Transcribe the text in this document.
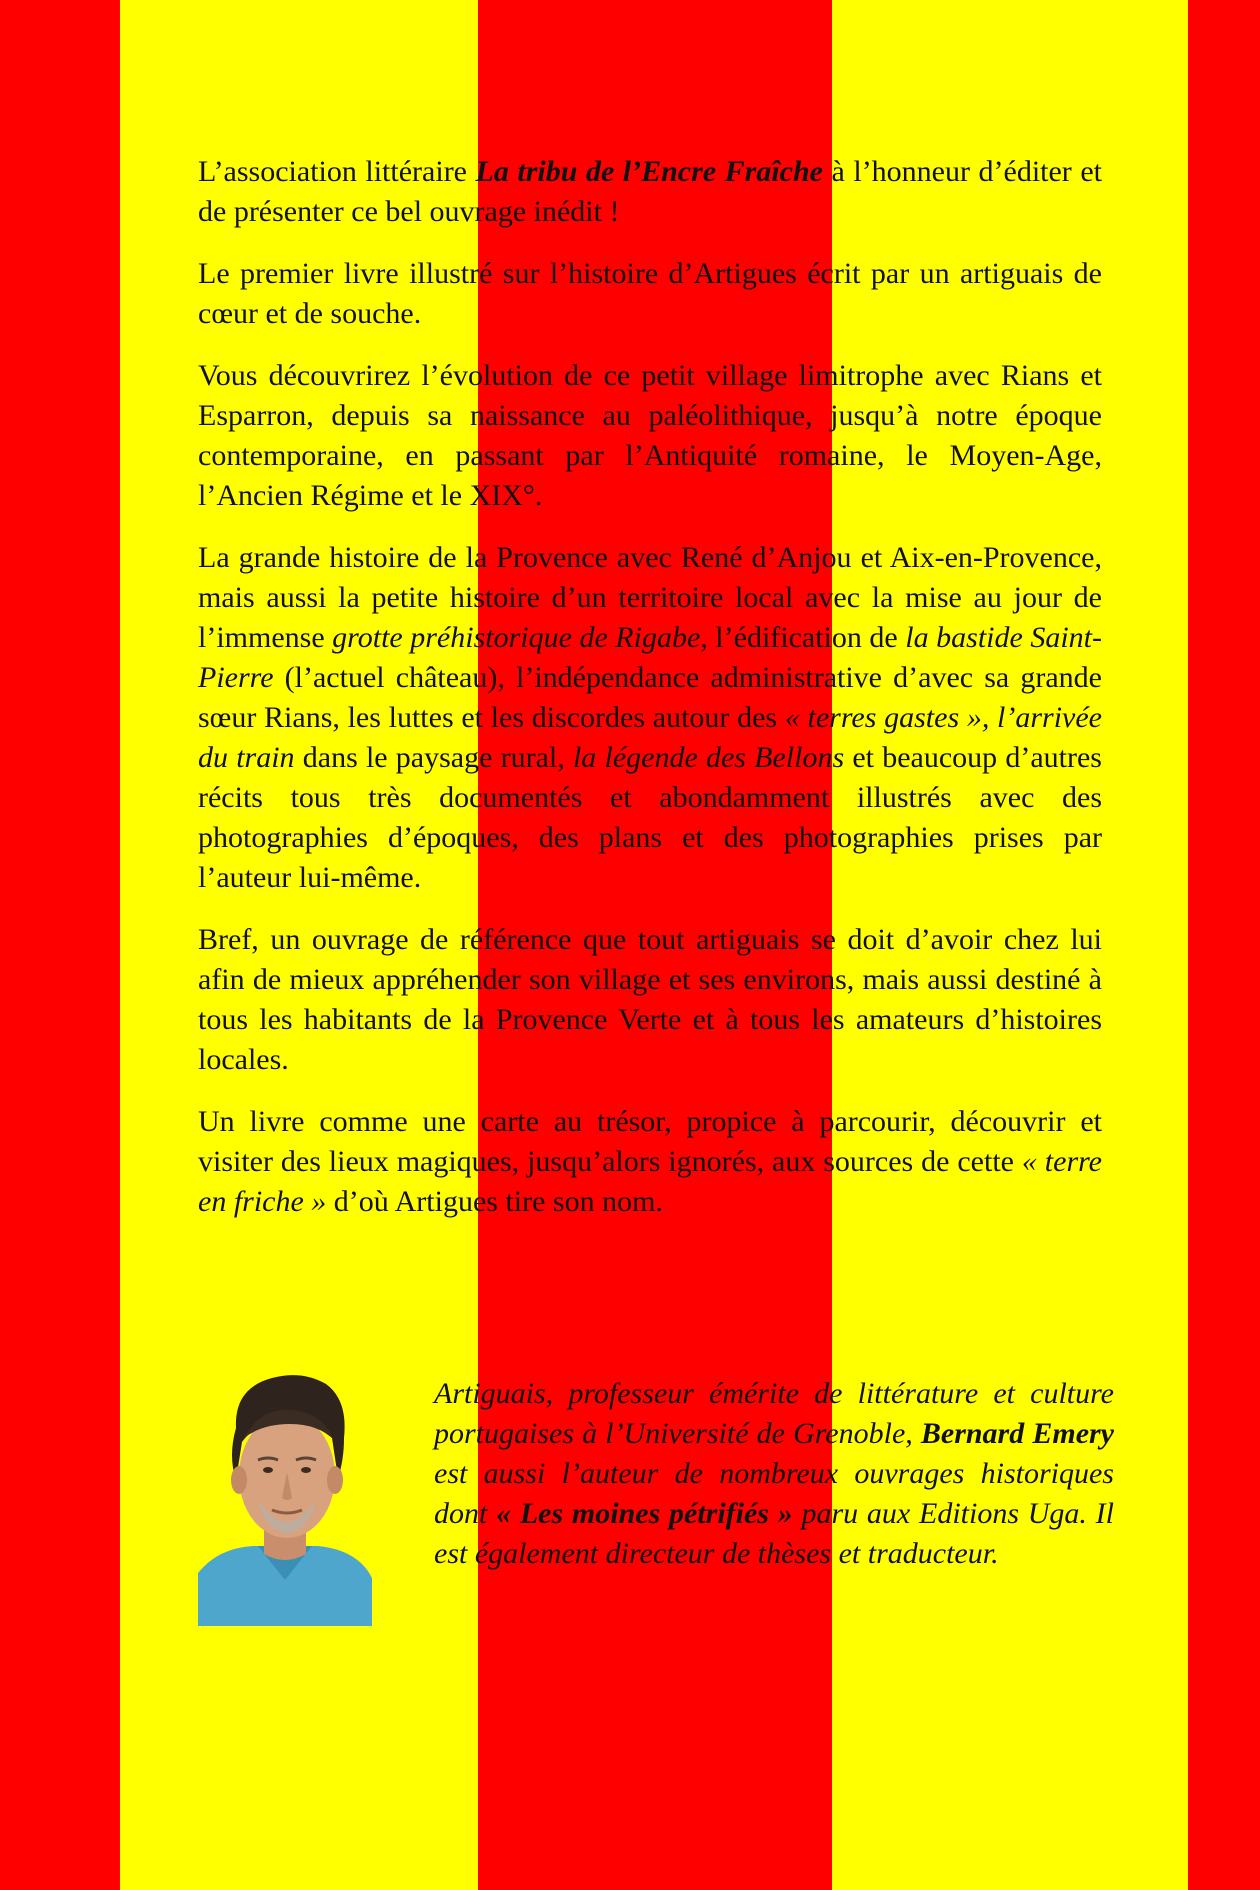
L’association littéraire La tribu de l’Encre Fraîche à l’honneur d’éditer et de présenter ce bel ouvrage inédit !

Le premier livre illustré sur l’histoire d’Artigues écrit par un artiguais de cœur et de souche.

Vous découvrirez l’évolution de ce petit village limitrophe avec Rians et Esparron, depuis sa naissance au paléolithique, jusqu’à notre époque contemporaine, en passant par l’Antiquité romaine, le Moyen-Age, l’Ancien Régime et le XIX°.

La grande histoire de la Provence avec René d’Anjou et Aix-en-Provence, mais aussi la petite histoire d’un territoire local avec la mise au jour de l’immense grotte préhistorique de Rigabe, l’édification de la bastide Saint-Pierre (l’actuel château), l’indépendance administrative d’avec sa grande sœur Rians, les luttes et les discordes autour des « terres gastes », l’arrivée du train dans le paysage rural, la légende des Bellons et beaucoup d’autres récits tous très documentés et abondamment illustrés avec des photographies d’époques, des plans et des photographies prises par l’auteur lui-même.

Bref, un ouvrage de référence que tout artiguais se doit d’avoir chez lui afin de mieux appréhender son village et ses environs, mais aussi destiné à tous les habitants de la Provence Verte et à tous les amateurs d’histoires locales.

Un livre comme une carte au trésor, propice à parcourir, découvrir et visiter des lieux magiques, jusqu’alors ignorés, aux sources de cette « terre en friche » d’où Artigues tire son nom.

Artiguais, professeur émérite de littérature et culture portugaises à l’Université de Grenoble, Bernard Emery est aussi l’auteur de nombreux ouvrages historiques dont « Les moines pétrifiés » paru aux Editions Uga. Il est également directeur de thèses et traducteur.
